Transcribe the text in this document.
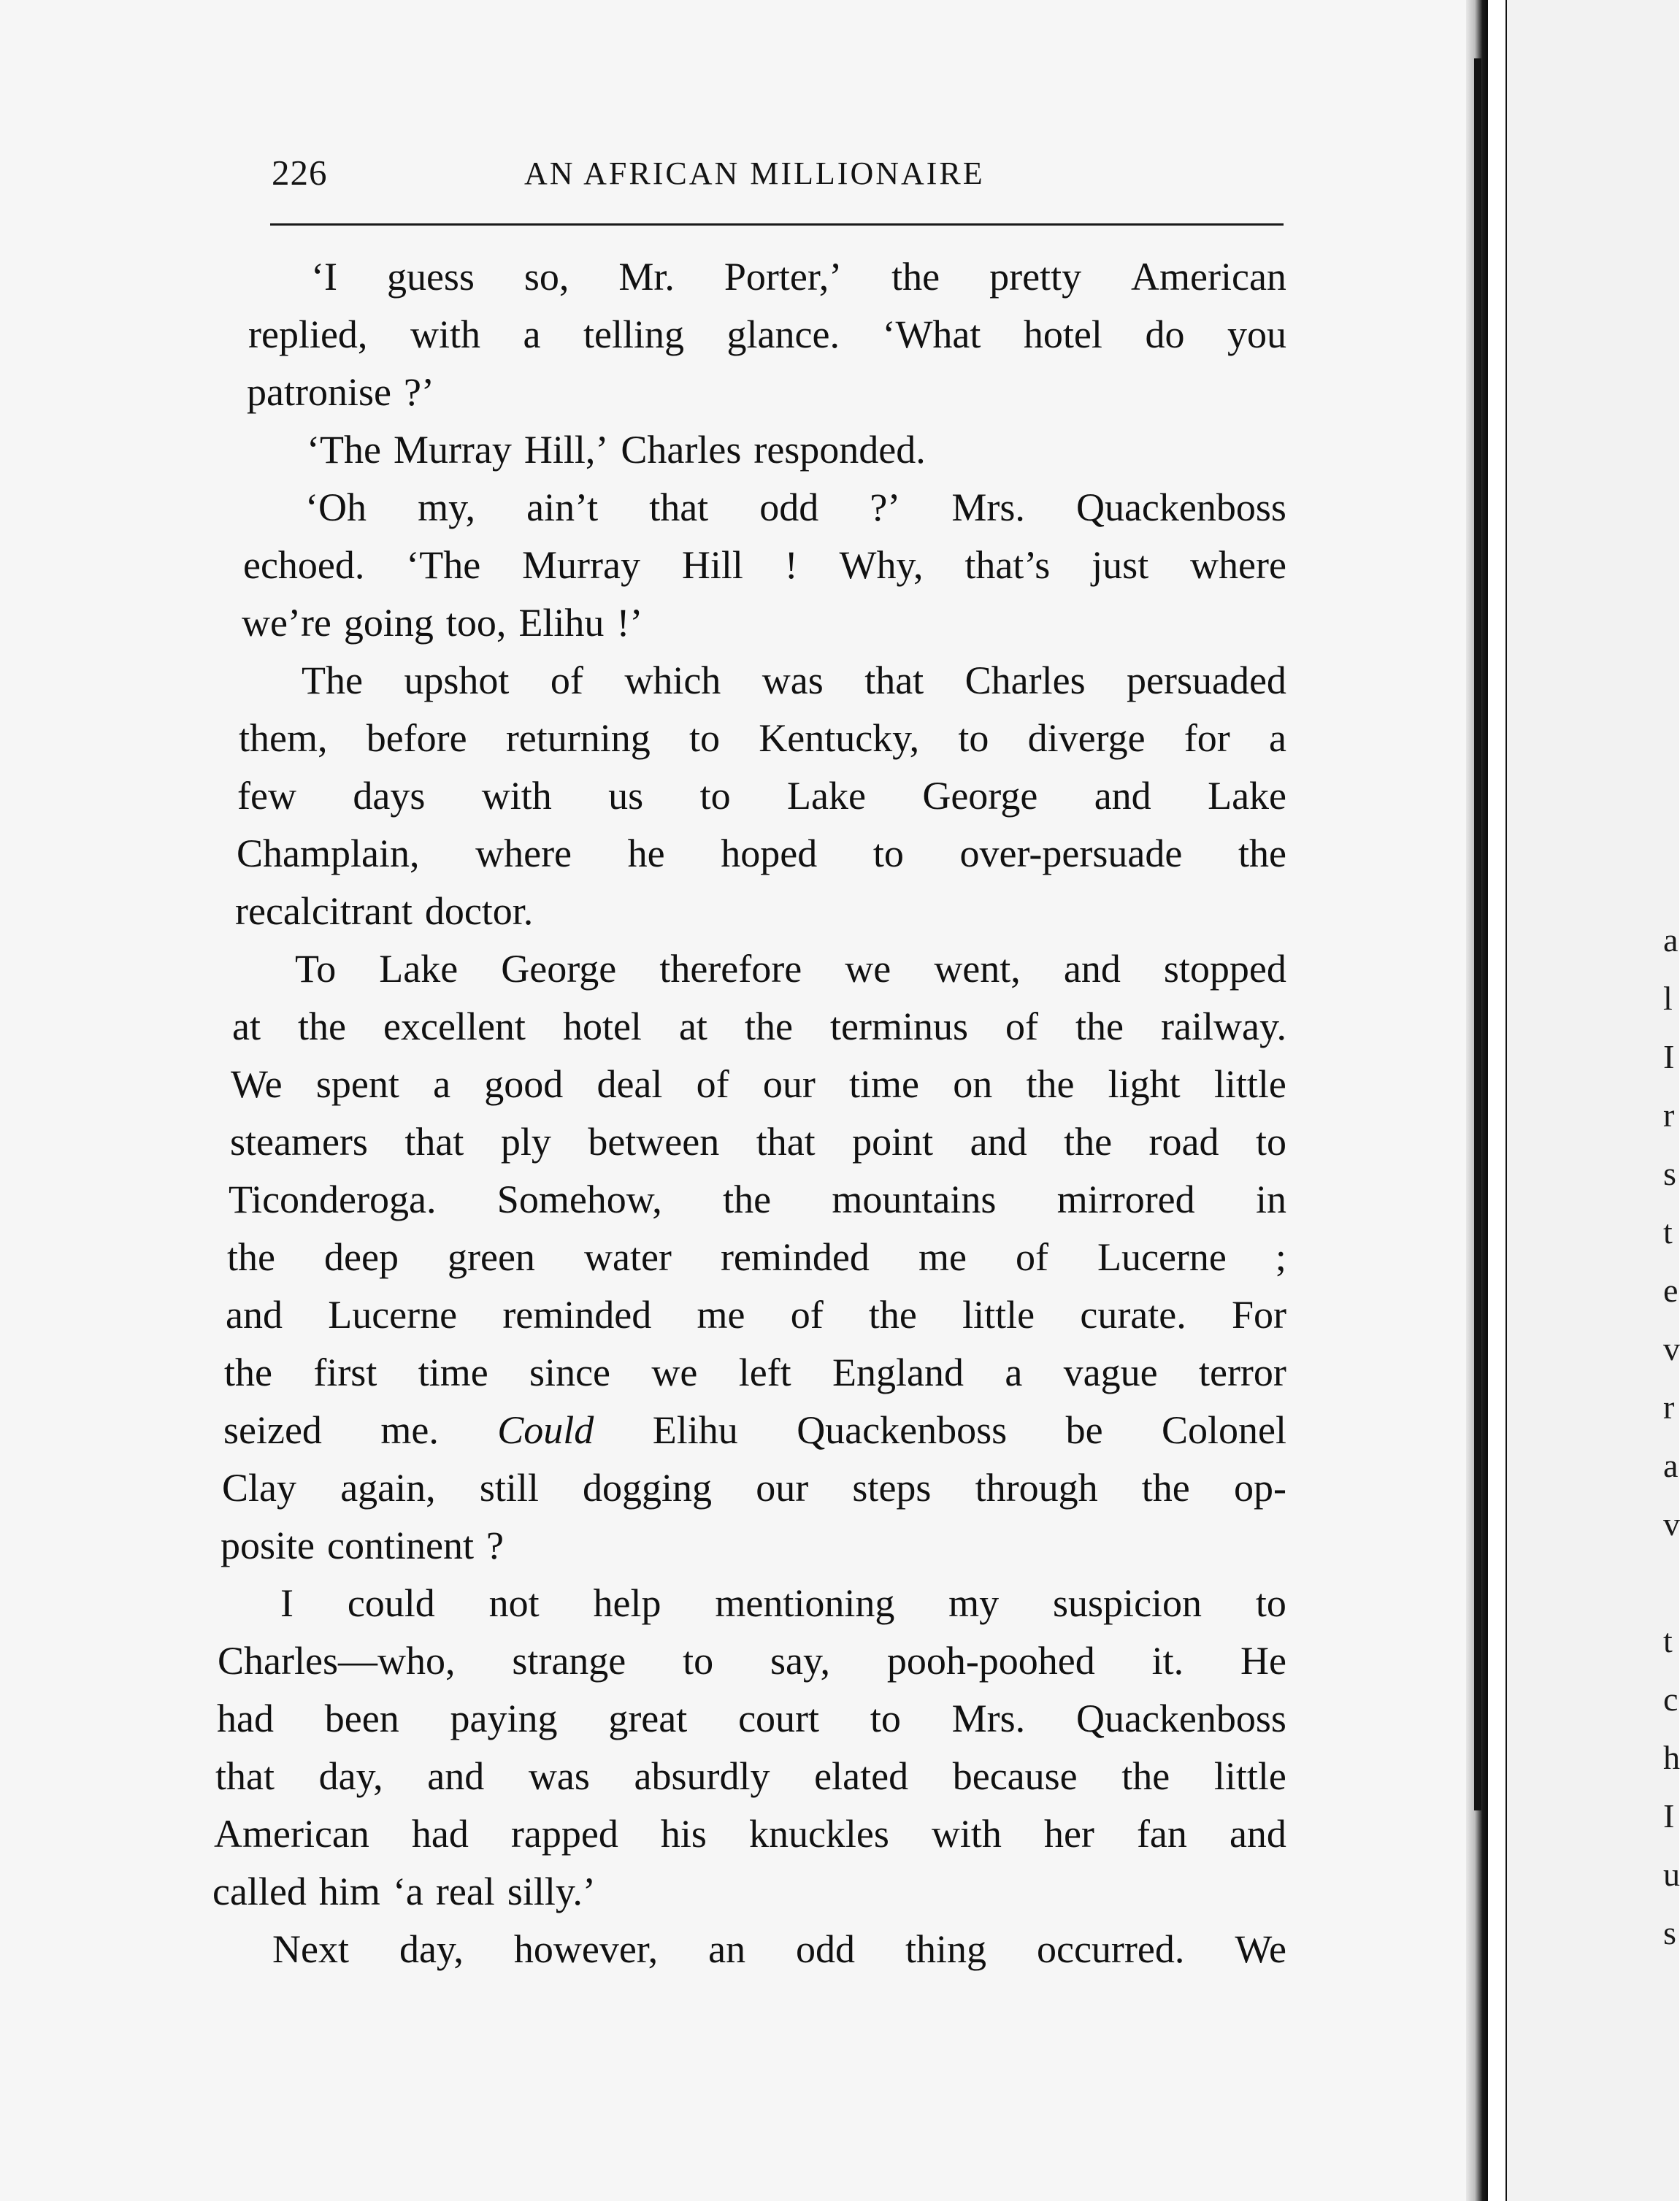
a
l
I
r
s
t
e
v
r
a
v
t
c
h
I
u
s
226	AN AFRICAN MILLIONAIRE
‘I guess so, Mr. Porter,’ the pretty American
replied, with a telling glance. ‘What hotel do you
patronise ?’
‘The Murray Hill,’ Charles responded.
‘Oh my, ain’t that odd ?’ Mrs. Quackenboss
echoed. ‘The Murray Hill ! Why, that’s just where
we’re going too, Elihu !’
The upshot of which was that Charles persuaded
them, before returning to Kentucky, to diverge for a
few days with us to Lake George and Lake
Champlain, where he hoped to over-persuade the
recalcitrant doctor.
To Lake George therefore we went, and stopped
at the excellent hotel at the terminus of the railway.
We spent a good deal of our time on the light little
steamers that ply between that point and the road to
Ticonderoga. Somehow, the mountains mirrored in
the deep green water reminded me of Lucerne ;
and Lucerne reminded me of the little curate. For
the first time since we left England a vague terror
seized me. Could Elihu Quackenboss be Colonel
Clay again, still dogging our steps through the op-
posite continent ?
I could not help mentioning my suspicion to
Charles—who, strange to say, pooh-poohed it. He
had been paying great court to Mrs. Quackenboss
that day, and was absurdly elated because the little
American had rapped his knuckles with her fan and
called him ‘a real silly.’
Next day, however, an odd thing occurred. We
